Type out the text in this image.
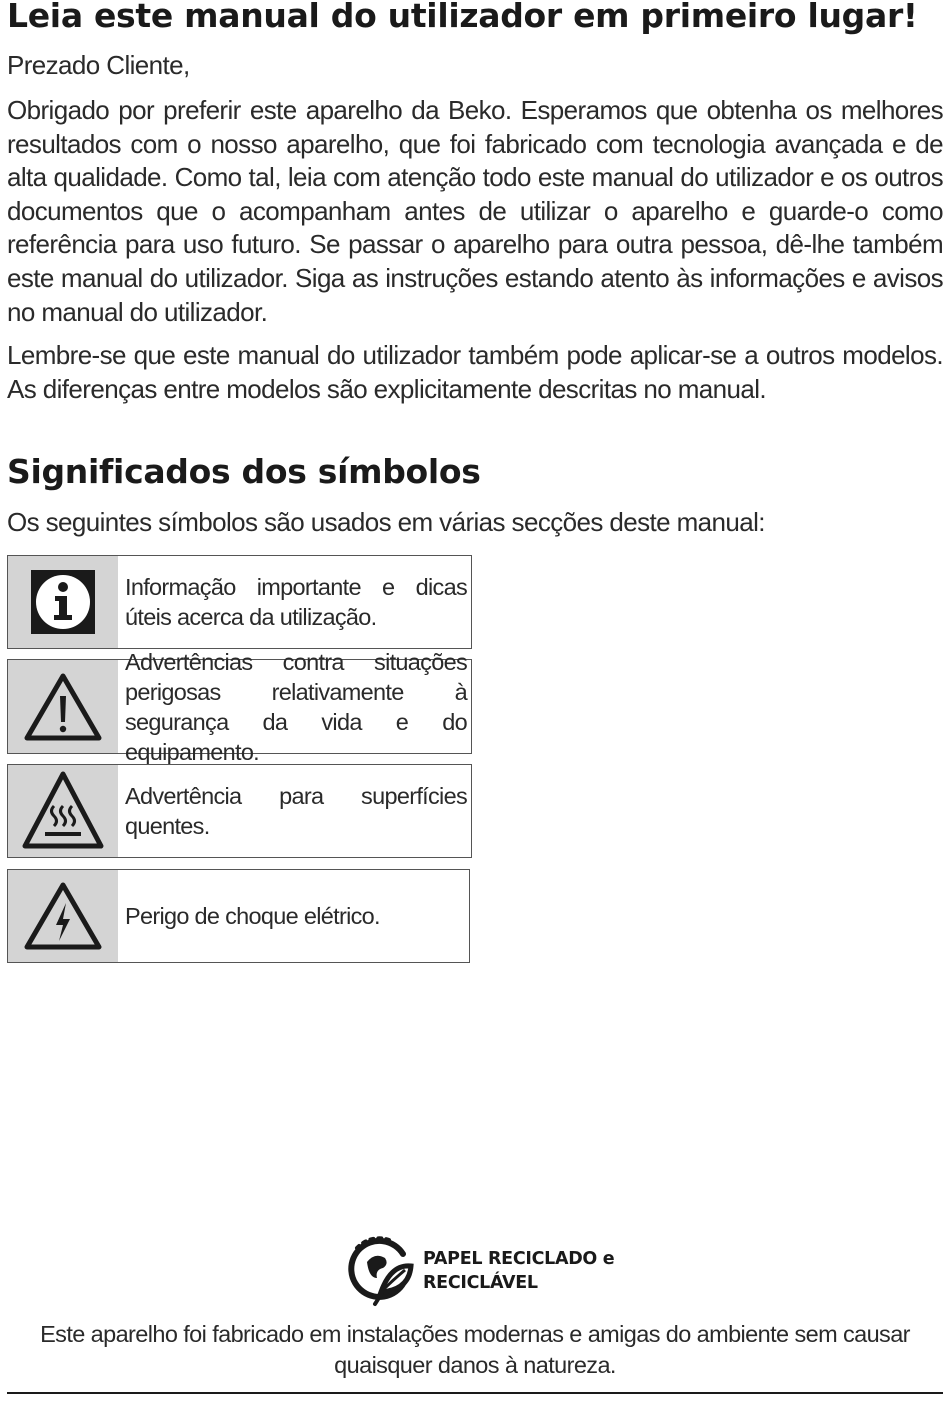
Leia este manual do utilizador em primeiro lugar!

Prezado Cliente,

Obrigado por preferir este aparelho da Beko. Esperamos que obtenha os melhores resultados com o nosso aparelho, que foi fabricado com tecnologia avançada e de alta qualidade. Como tal, leia com atenção todo este manual do utilizador e os outros documentos que o acompanham antes de utilizar o aparelho e guarde-o como referência para uso futuro. Se passar o aparelho para outra pessoa, dê-lhe também este manual do utilizador. Siga as instruções estando atento às informações e avisos no manual do utilizador.

Lembre-se que este manual do utilizador também pode aplicar-se a outros modelos. As diferenças entre modelos são explicitamente descritas no manual.

Significados dos símbolos

Os seguintes símbolos são usados em várias secções deste manual:

Informação importante e dicas úteis acerca da utilização.

Advertências contra situações perigosas relativamente à segurança da vida e do equipamento.

Advertência para superfícies quentes.

Perigo de choque elétrico.

PAPEL RECICLADO e
RECICLÁVEL

Este aparelho foi fabricado em instalações modernas e amigas do ambiente sem causar quaisquer danos à natureza.
